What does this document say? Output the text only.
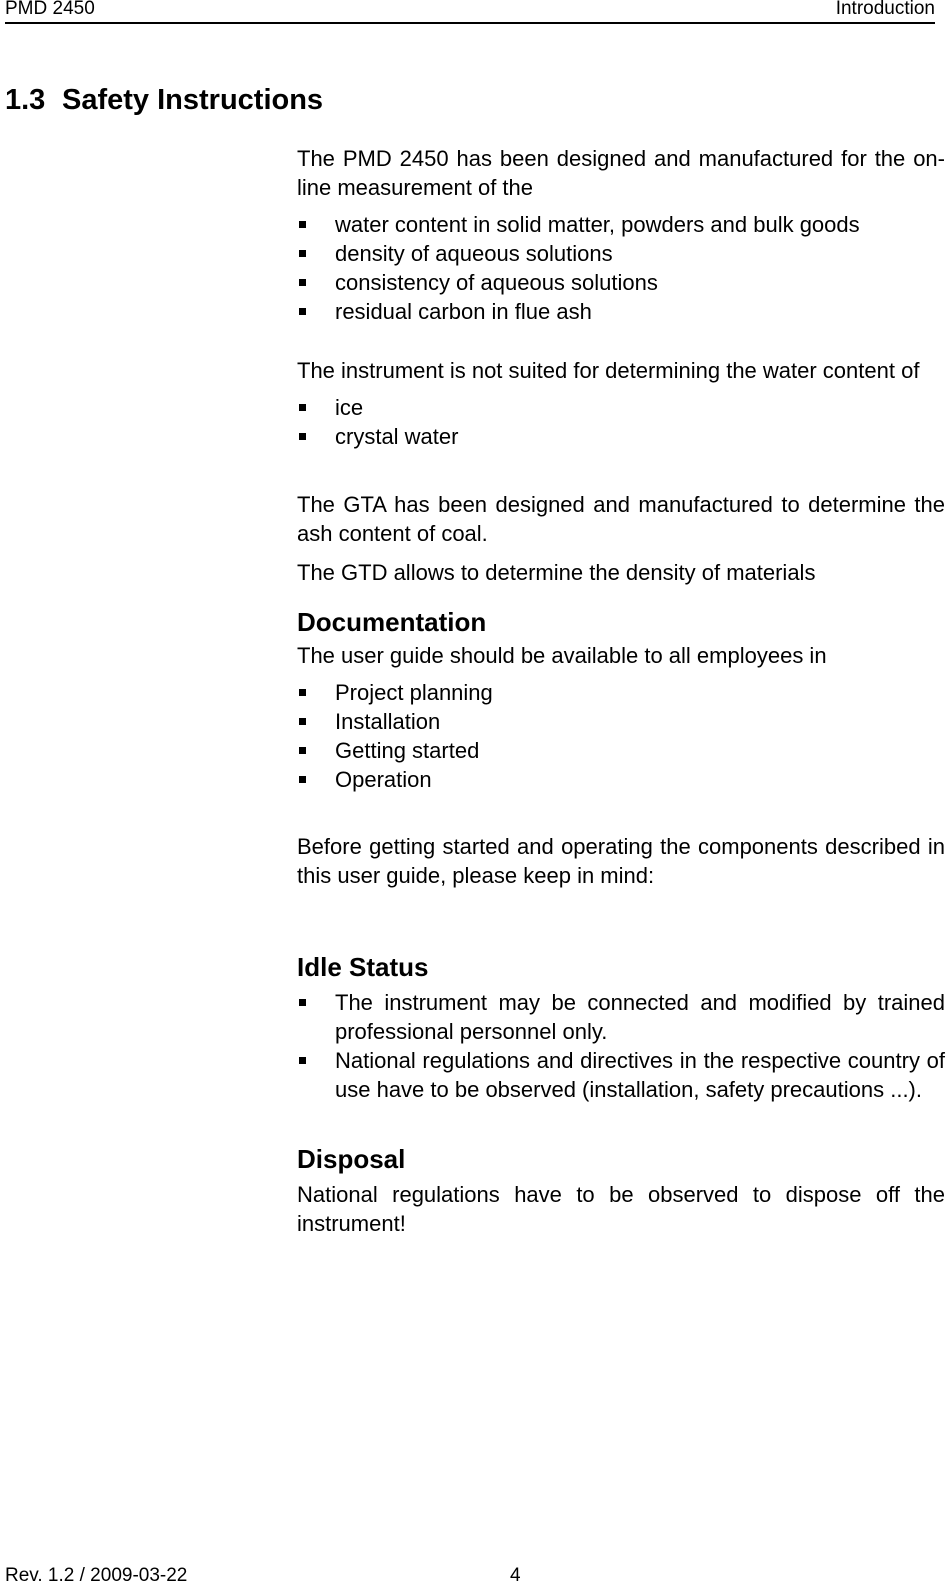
PMD 2450	Introduction
1.3 Safety Instructions

The PMD 2450 has been designed and manufactured for the on-line measurement of the

water content in solid matter, powders and bulk goods
density of aqueous solutions
consistency of aqueous solutions
residual carbon in flue ash

The instrument is not suited for determining the water content of

ice
crystal water

The GTA has been designed and manufactured to determine the ash content of coal.

The GTD allows to determine the density of materials

Documentation

The user guide should be available to all employees in

Project planning
Installation
Getting started
Operation

Before getting started and operating the components described in this user guide, please keep in mind:

Idle Status
The instrument may be connected and modified by trained professional personnel only.
National regulations and directives in the respective country of use have to be observed (installation, safety precautions ...).
Disposal

National regulations have to be observed to dispose off the instrument!

Rev. 1.2 / 2009-03-22	4
